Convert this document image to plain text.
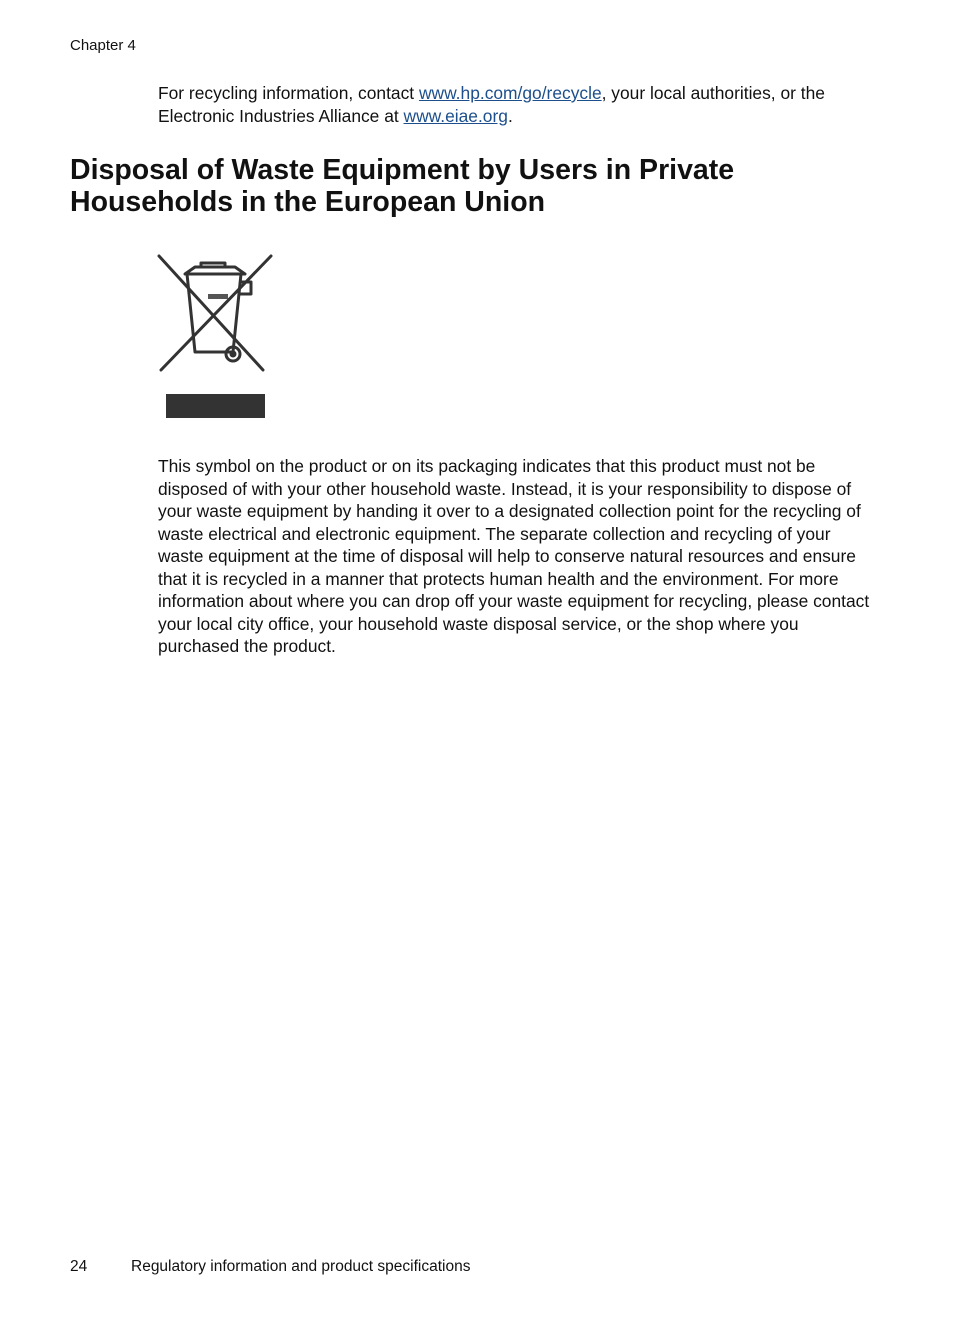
Chapter 4

For recycling information, contact www.hp.com/go/recycle, your local authorities, or the Electronic Industries Alliance at www.eiae.org.

Disposal of Waste Equipment by Users in Private Households in the European Union

This symbol on the product or on its packaging indicates that this product must not be disposed of with your other household waste. Instead, it is your responsibility to dispose of your waste equipment by handing it over to a designated collection point for the recycling of waste electrical and electronic equipment. The separate collection and recycling of your waste equipment at the time of disposal will help to conserve natural resources and ensure that it is recycled in a manner that protects human health and the environment. For more information about where you can drop off your waste equipment for recycling, please contact your local city office, your household waste disposal service, or the shop where you purchased the product.

24	Regulatory information and product specifications
